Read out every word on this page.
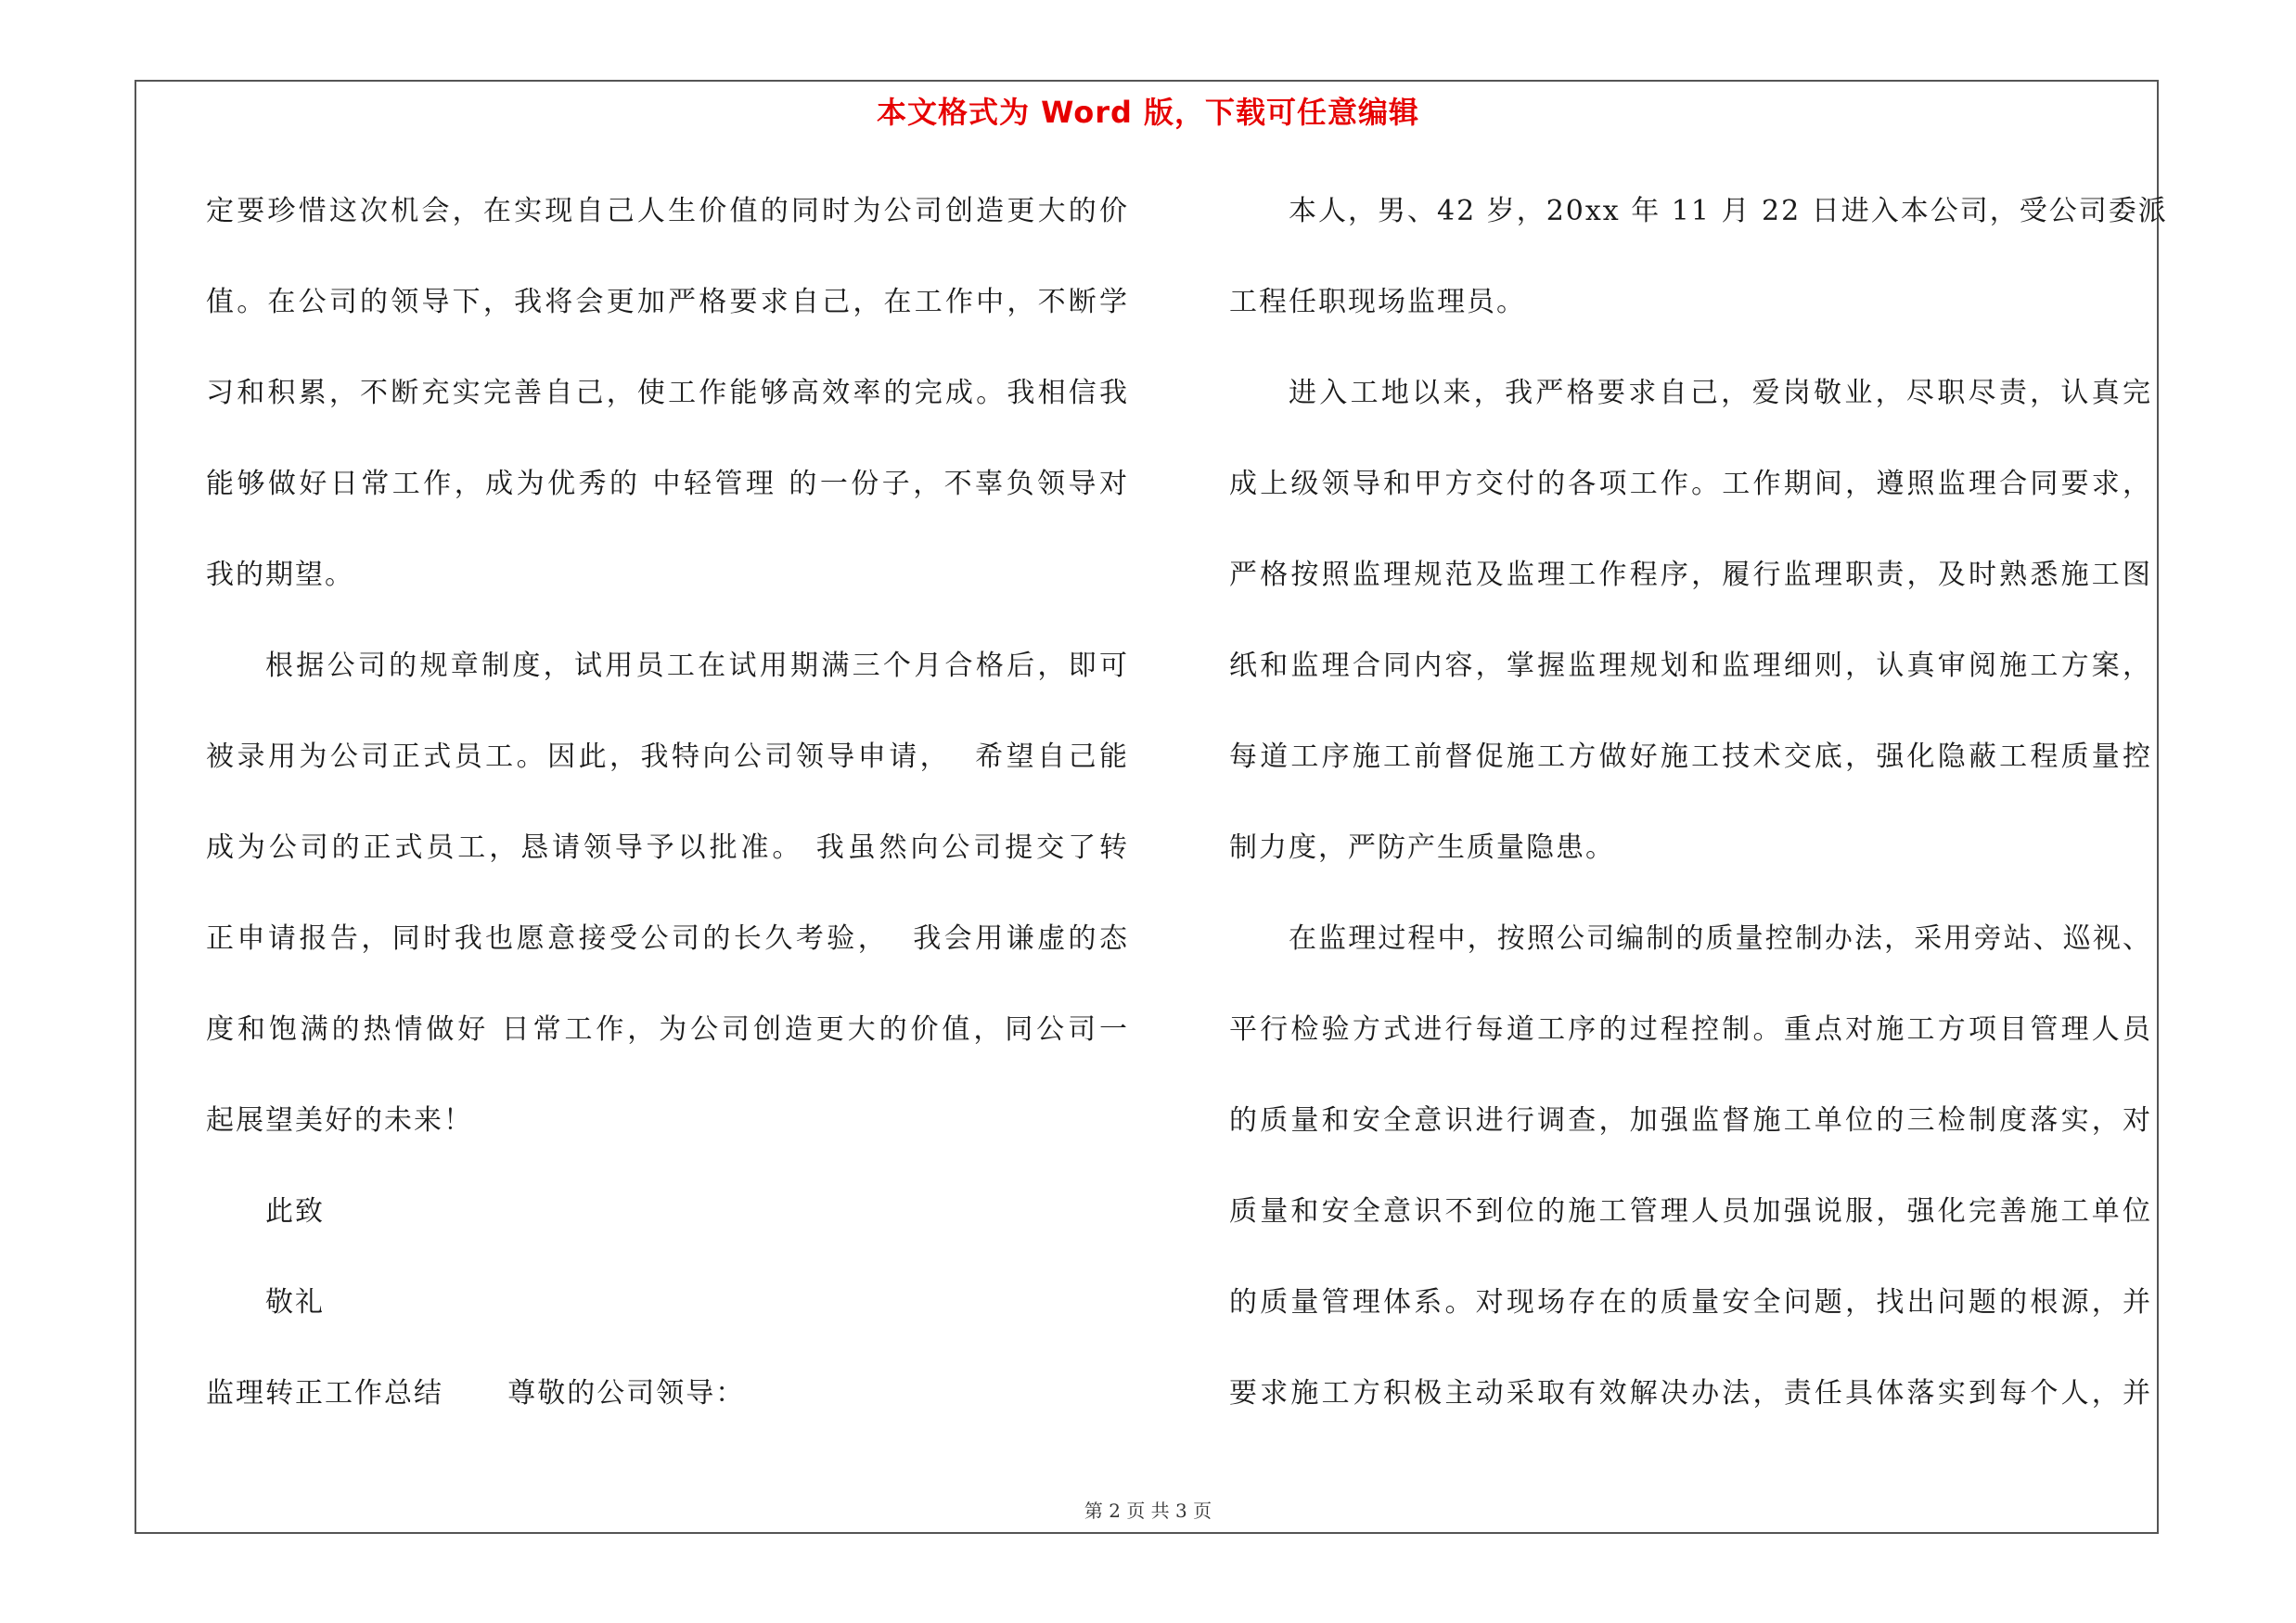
本文格式为 Word 版，下载可任意编辑
定要珍惜这次机会，在实现自己人生价值的同时为公司创造更大的价
值。在公司的领导下，我将会更加严格要求自己，在工作中，不断学
习和积累，不断充实完善自己，使工作能够高效率的完成。我相信我
能够做好日常工作，成为优秀的 中轻管理 的一份子，不辜负领导对
我的期望。
根据公司的规章制度，试用员工在试用期满三个月合格后，即可
被录用为公司正式员工。因此，我特向公司领导申请，  希望自己能
成为公司的正式员工，恳请领导予以批准。 我虽然向公司提交了转
正申请报告，同时我也愿意接受公司的长久考验，  我会用谦虚的态
度和饱满的热情做好 日常工作，为公司创造更大的价值，同公司一
起展望美好的未来！
此致
敬礼
监理转正工作总结      尊敬的公司领导：
本人，男、42 岁，20xx 年 11 月 22 日进入本公司，受公司委派
工程任职现场监理员。
进入工地以来，我严格要求自己，爱岗敬业，尽职尽责，认真完
成上级领导和甲方交付的各项工作。工作期间，遵照监理合同要求，
严格按照监理规范及监理工作程序，履行监理职责，及时熟悉施工图
纸和监理合同内容，掌握监理规划和监理细则，认真审阅施工方案，
每道工序施工前督促施工方做好施工技术交底，强化隐蔽工程质量控
制力度，严防产生质量隐患。
在监理过程中，按照公司编制的质量控制办法，采用旁站、巡视、
平行检验方式进行每道工序的过程控制。重点对施工方项目管理人员
的质量和安全意识进行调查，加强监督施工单位的三检制度落实，对
质量和安全意识不到位的施工管理人员加强说服，强化完善施工单位
的质量管理体系。对现场存在的质量安全问题，找出问题的根源，并
要求施工方积极主动采取有效解决办法，责任具体落实到每个人，并
第 2 页 共 3 页
